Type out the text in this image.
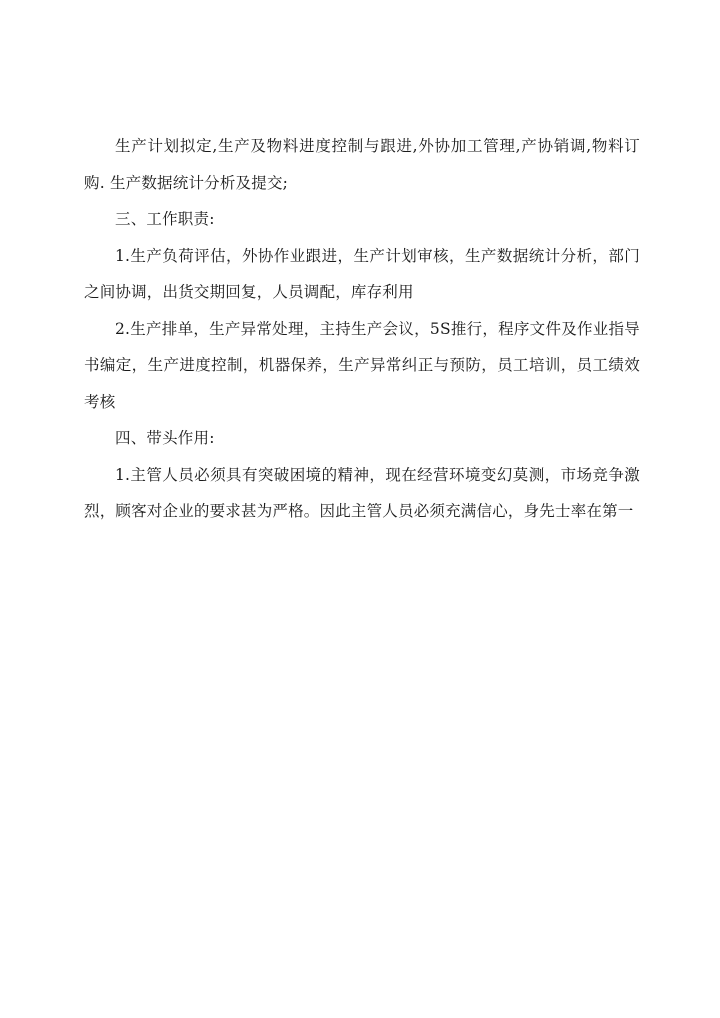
生产计划拟定,生产及物料进度控制与跟进,外协加工管理,产协销调,物料订购. 生产数据统计分析及提交;

三、工作职责:

1.生产负荷评估，外协作业跟进，生产计划审核，生产数据统计分析，部门之间协调，出货交期回复，人员调配，库存利用

2.生产排单，生产异常处理，主持生产会议，5S推行，程序文件及作业指导书编定，生产进度控制，机器保养，生产异常纠正与预防，员工培训，员工绩效考核

四、带头作用:

1.主管人员必须具有突破困境的精神，现在经营环境变幻莫测，市场竞争激烈，顾客对企业的要求甚为严格。因此主管人员必须充满信心，身先士率在第一
